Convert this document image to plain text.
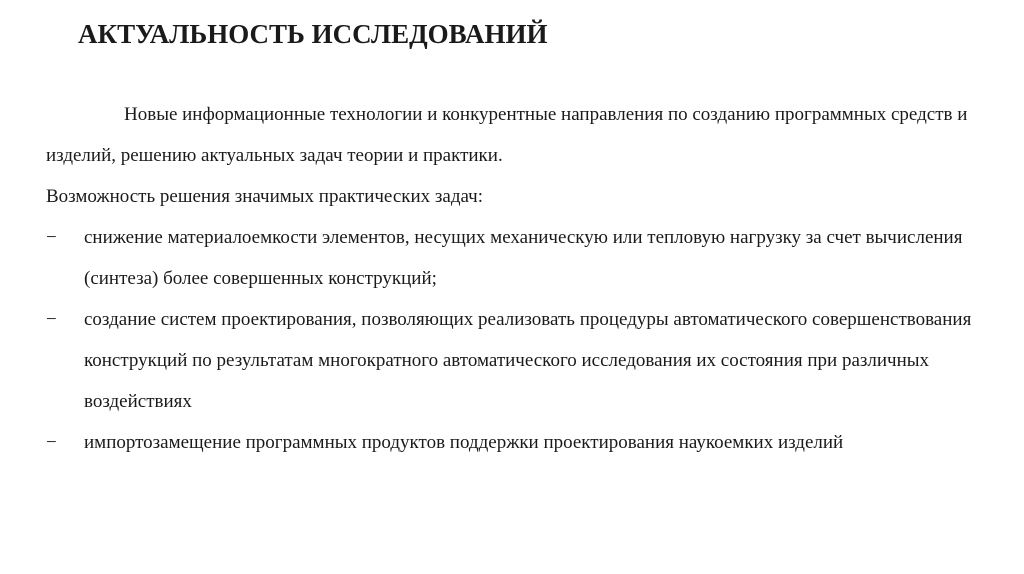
АКТУАЛЬНОСТЬ ИССЛЕДОВАНИЙ

Новые информационные технологии и конкурентные направления по созданию программных средств и изделий, решению актуальных задач теории и практики.

Возможность решения значимых практических задач:

− снижение материалоемкости элементов, несущих механическую или тепловую нагрузку за счет вычисления (синтеза) более совершенных конструкций;
− создание систем проектирования, позволяющих реализовать процедуры автоматического совершенствования конструкций по результатам многократного автоматического исследования их состояния при различных воздействиях
− импортозамещение программных продуктов поддержки проектирования наукоемких изделий
